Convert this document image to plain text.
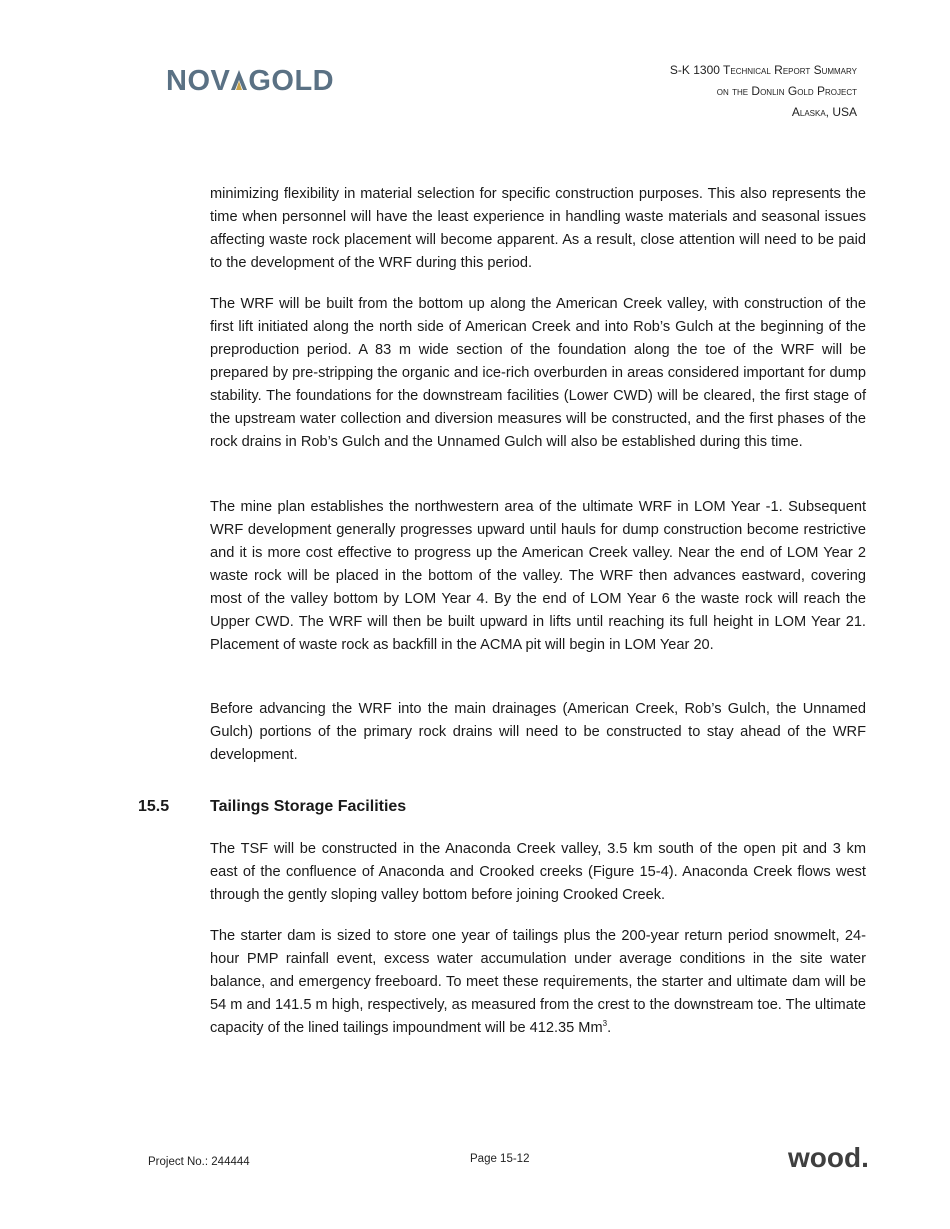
NOV GOLD	S-K 1300 Technical Report Summary
on the Donlin Gold Project
Alaska, USA

minimizing flexibility in material selection for specific construction purposes. This also represents the time when personnel will have the least experience in handling waste materials and seasonal issues affecting waste rock placement will become apparent. As a result, close attention will need to be paid to the development of the WRF during this period.

The WRF will be built from the bottom up along the American Creek valley, with construction of the first lift initiated along the north side of American Creek and into Rob’s Gulch at the beginning of the preproduction period. A 83 m wide section of the foundation along the toe of the WRF will be prepared by pre-stripping the organic and ice-rich overburden in areas considered important for dump stability. The foundations for the downstream facilities (Lower CWD) will be cleared, the first stage of the upstream water collection and diversion measures will be constructed, and the first phases of the rock drains in Rob’s Gulch and the Unnamed Gulch will also be established during this time.

The mine plan establishes the northwestern area of the ultimate WRF in LOM Year -1. Subsequent WRF development generally progresses upward until hauls for dump construction become restrictive and it is more cost effective to progress up the American Creek valley. Near the end of LOM Year 2 waste rock will be placed in the bottom of the valley. The WRF then advances eastward, covering most of the valley bottom by LOM Year 4. By the end of LOM Year 6 the waste rock will reach the Upper CWD. The WRF will then be built upward in lifts until reaching its full height in LOM Year 21. Placement of waste rock as backfill in the ACMA pit will begin in LOM Year 20.

Before advancing the WRF into the main drainages (American Creek, Rob’s Gulch, the Unnamed Gulch) portions of the primary rock drains will need to be constructed to stay ahead of the WRF development.

15.5	Tailings Storage Facilities

The TSF will be constructed in the Anaconda Creek valley, 3.5 km south of the open pit and 3 km east of the confluence of Anaconda and Crooked creeks (Figure 15-4). Anaconda Creek flows west through the gently sloping valley bottom before joining Crooked Creek.

The starter dam is sized to store one year of tailings plus the 200-year return period snowmelt, 24-hour PMP rainfall event, excess water accumulation under average conditions in the site water balance, and emergency freeboard. To meet these requirements, the starter and ultimate dam will be 54 m and 141.5 m high, respectively, as measured from the crest to the downstream toe. The ultimate capacity of the lined tailings impoundment will be 412.35 Mm$^3$.

Project No.: 244444	Page 15-12	wood.
